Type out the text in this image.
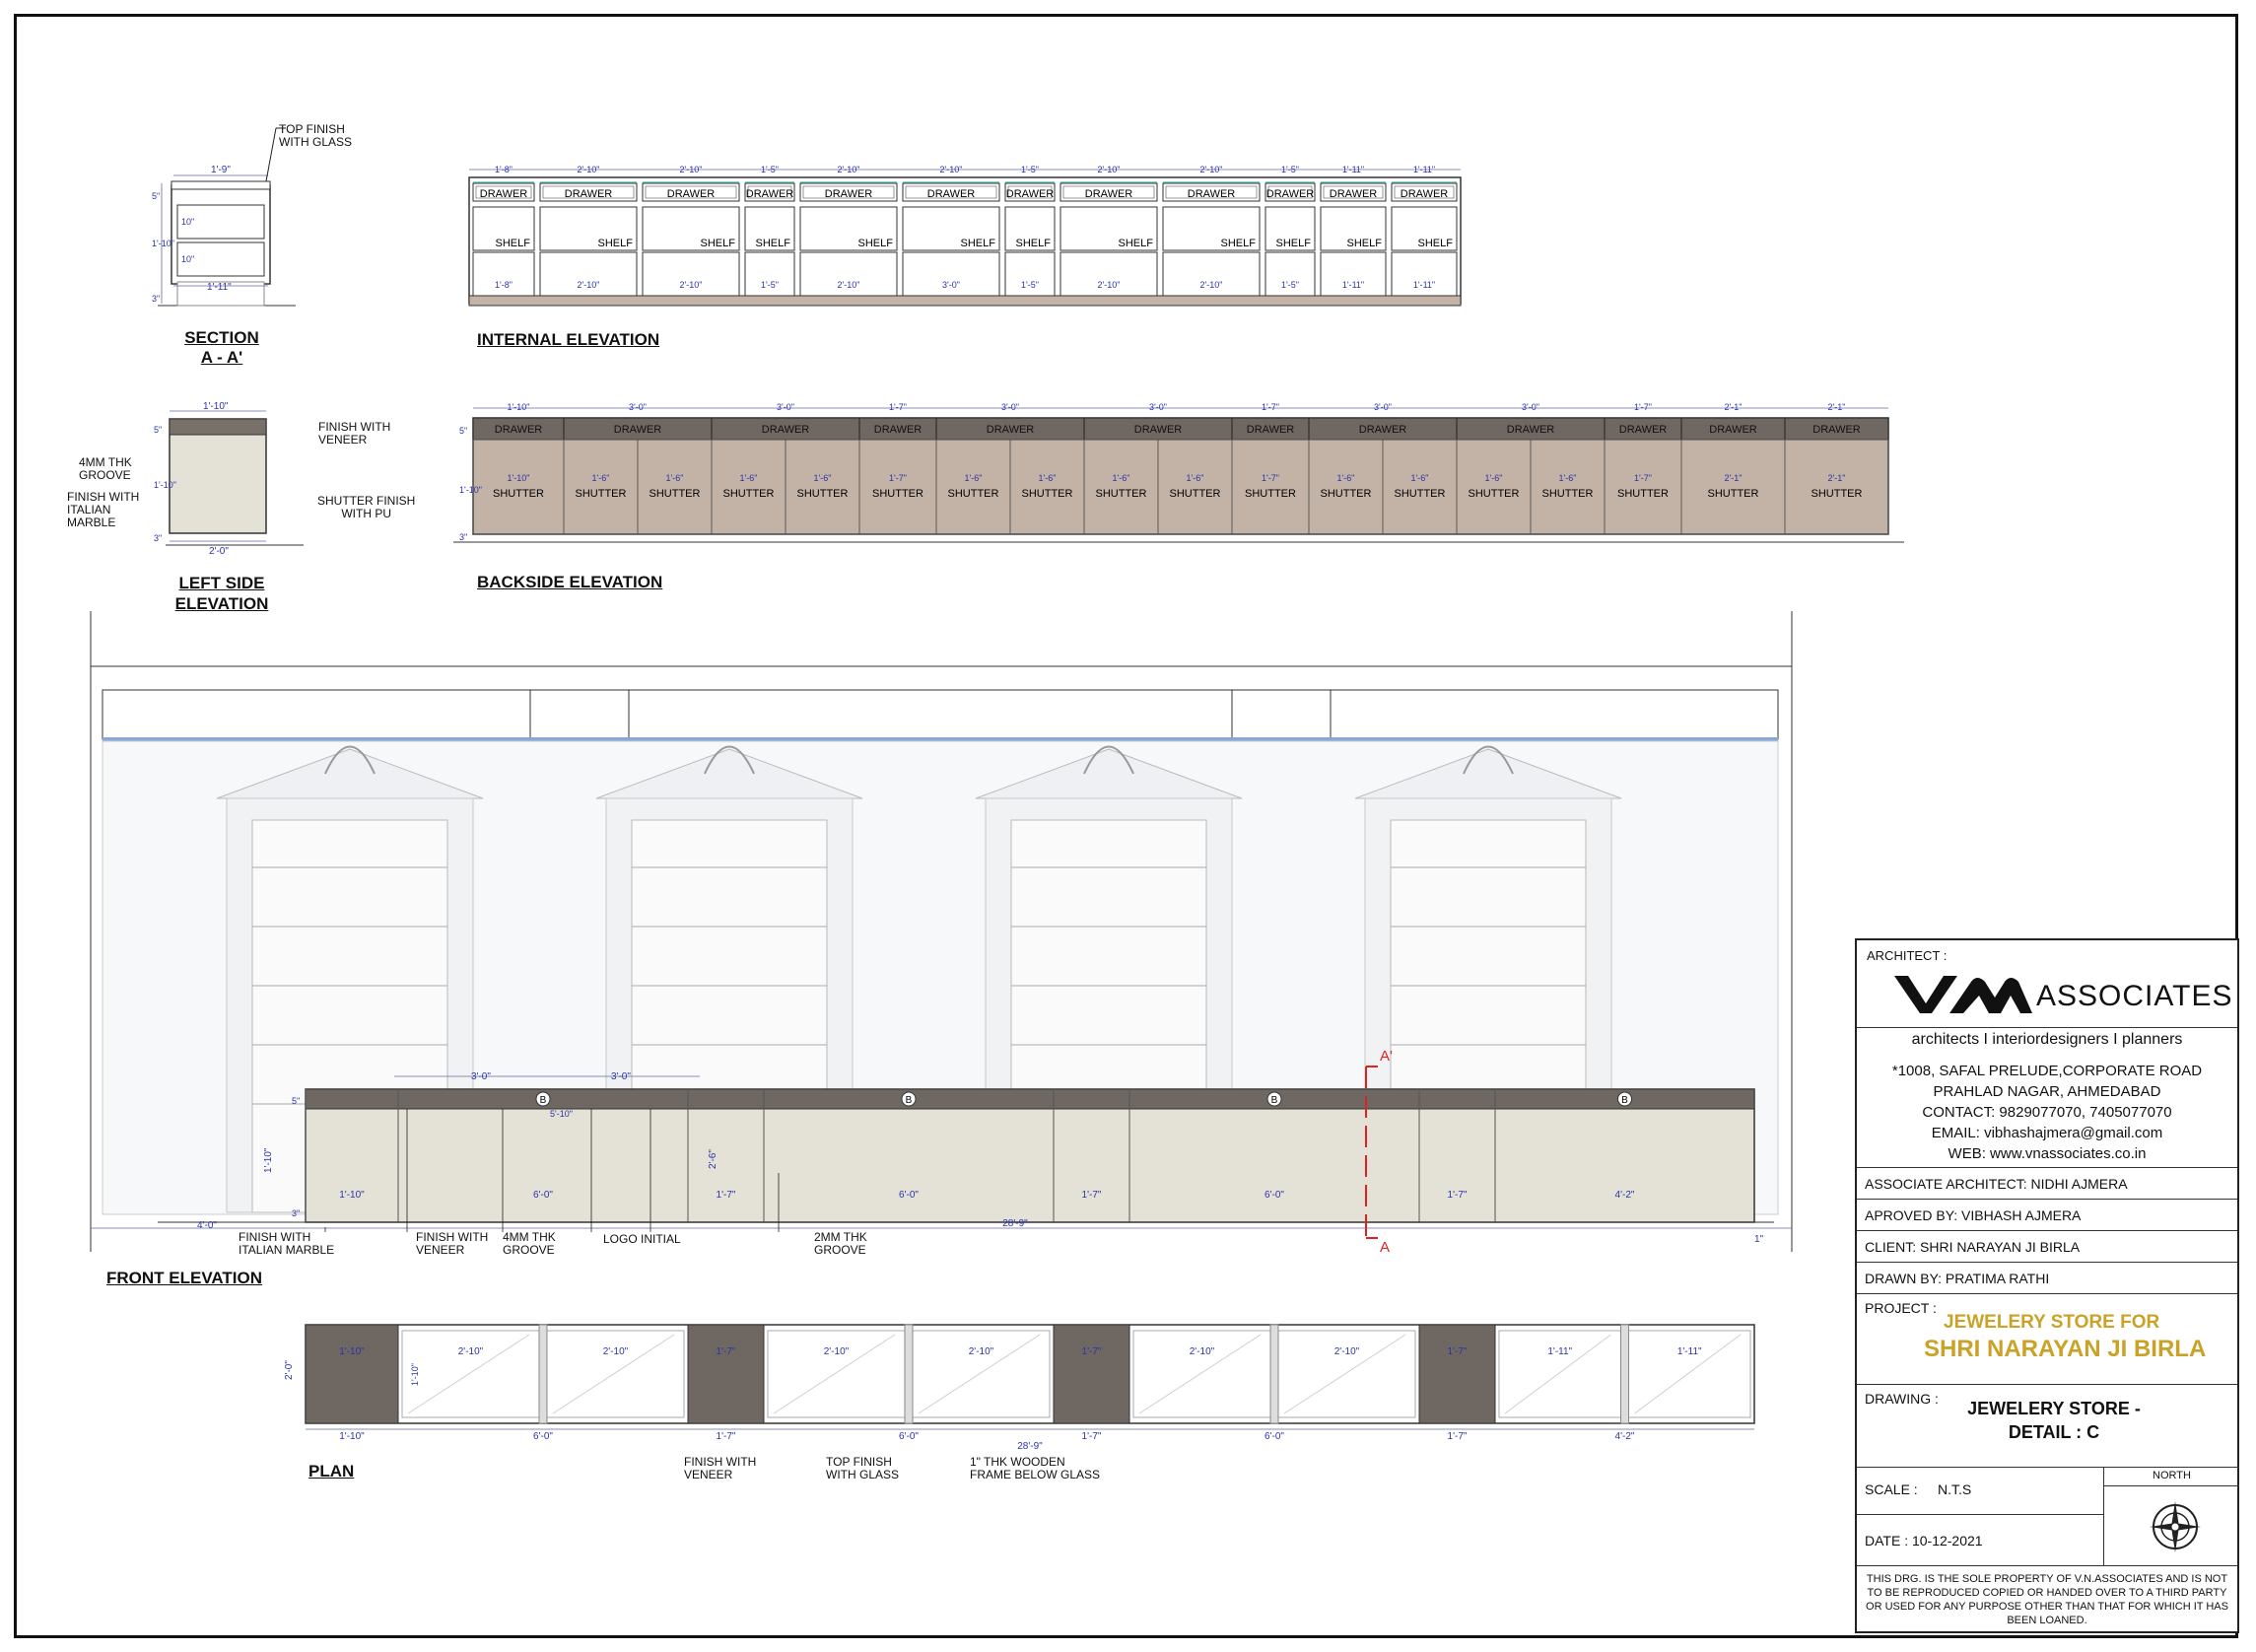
1'-9"
1'-11"
5"
10"
1'-10"
10"
3"
TOP FINISH
WITH GLASS
SECTION
A - A'
DRAWER
SHELF
1'-8"
1'-8"
DRAWER
SHELF
2'-10"
2'-10"
DRAWER
SHELF
2'-10"
2'-10"
DRAWER
SHELF
1'-5"
1'-5"
DRAWER
SHELF
2'-10"
2'-10"
DRAWER
SHELF
2'-10"
3'-0"
DRAWER
SHELF
1'-5"
1'-5"
DRAWER
SHELF
2'-10"
2'-10"
DRAWER
SHELF
2'-10"
2'-10"
DRAWER
SHELF
1'-5"
1'-5"
DRAWER
SHELF
1'-11"
1'-11"
DRAWER
SHELF
1'-11"
1'-11"
INTERNAL ELEVATION
1'-10"
2'-0"
5"
1'-10"
3"
FINISH WITH
VENEER
4MM THK
GROOVE
FINISH WITH
ITALIAN
MARBLE
SHUTTER FINISH
WITH PU
LEFT SIDE
ELEVATION
5"
1'-10"
3"
DRAWER
1'-10"
SHUTTER
1'-10"
DRAWER
3'-0"
SHUTTER
1'-6"
SHUTTER
1'-6"
DRAWER
3'-0"
SHUTTER
1'-6"
SHUTTER
1'-6"
DRAWER
1'-7"
SHUTTER
1'-7"
DRAWER
3'-0"
SHUTTER
1'-6"
SHUTTER
1'-6"
DRAWER
3'-0"
SHUTTER
1'-6"
SHUTTER
1'-6"
DRAWER
1'-7"
SHUTTER
1'-7"
DRAWER
3'-0"
SHUTTER
1'-6"
SHUTTER
1'-6"
DRAWER
3'-0"
SHUTTER
1'-6"
SHUTTER
1'-6"
DRAWER
1'-7"
SHUTTER
1'-7"
DRAWER
2'-1"
SHUTTER
2'-1"
DRAWER
2'-1"
SHUTTER
2'-1"
BACKSIDE ELEVATION
1'-10"	6'-0"
B
1'-7"	6'-0"
B
1'-7"	6'-0"
B
1'-7"	4'-2"
B
28'-9"
4'-0"
1"
1'-10"
5"
3"
2'-6"
5'-10"
3'-0"	3'-0"
A'
A
FRONT ELEVATION
FINISH WITH
ITALIAN MARBLE
FINISH WITH
VENEER
4MM THK
GROOVE
LOGO INITIAL	2MM THK
GROOVE
1'-10"
1'-10"
2'-10"	2'-10"
6'-0"
1'-7"
1'-7"
2'-10"	2'-10"
6'-0"
1'-7"
1'-7"
2'-10"	2'-10"
6'-0"
1'-7"
1'-7"
1'-11"	1'-11"
4'-2"
28'-9"
2'-0"	1'-10"
PLAN	FINISH WITH
VENEER
TOP FINISH
WITH GLASS
1" THK WOODEN
FRAME BELOW GLASS
ARCHITECT :
ASSOCIATES
architects I interiordesigners I planners
*1008, SAFAL PRELUDE,CORPORATE ROAD
PRAHLAD NAGAR, AHMEDABAD
CONTACT: 9829077070, 7405077070
EMAIL: vibhashajmera@gmail.com
WEB: www.vnassociates.co.in
ASSOCIATE ARCHITECT: NIDHI AJMERA
APROVED BY: VIBHASH AJMERA
CLIENT: SHRI NARAYAN JI BIRLA
DRAWN BY: PRATIMA RATHI
PROJECT :
JEWELERY STORE FOR
SHRI NARAYAN JI BIRLA
DRAWING :	JEWELERY STORE -
DETAIL : C
SCALE : N.T.S
DATE : 10-12-2021
NORTH
THIS DRG. IS THE SOLE PROPERTY OF V.N.ASSOCIATES AND IS NOT TO BE REPRODUCED COPIED OR HANDED OVER TO A THIRD PARTY OR USED FOR ANY PURPOSE OTHER THAN THAT FOR WHICH IT HAS BEEN LOANED.
